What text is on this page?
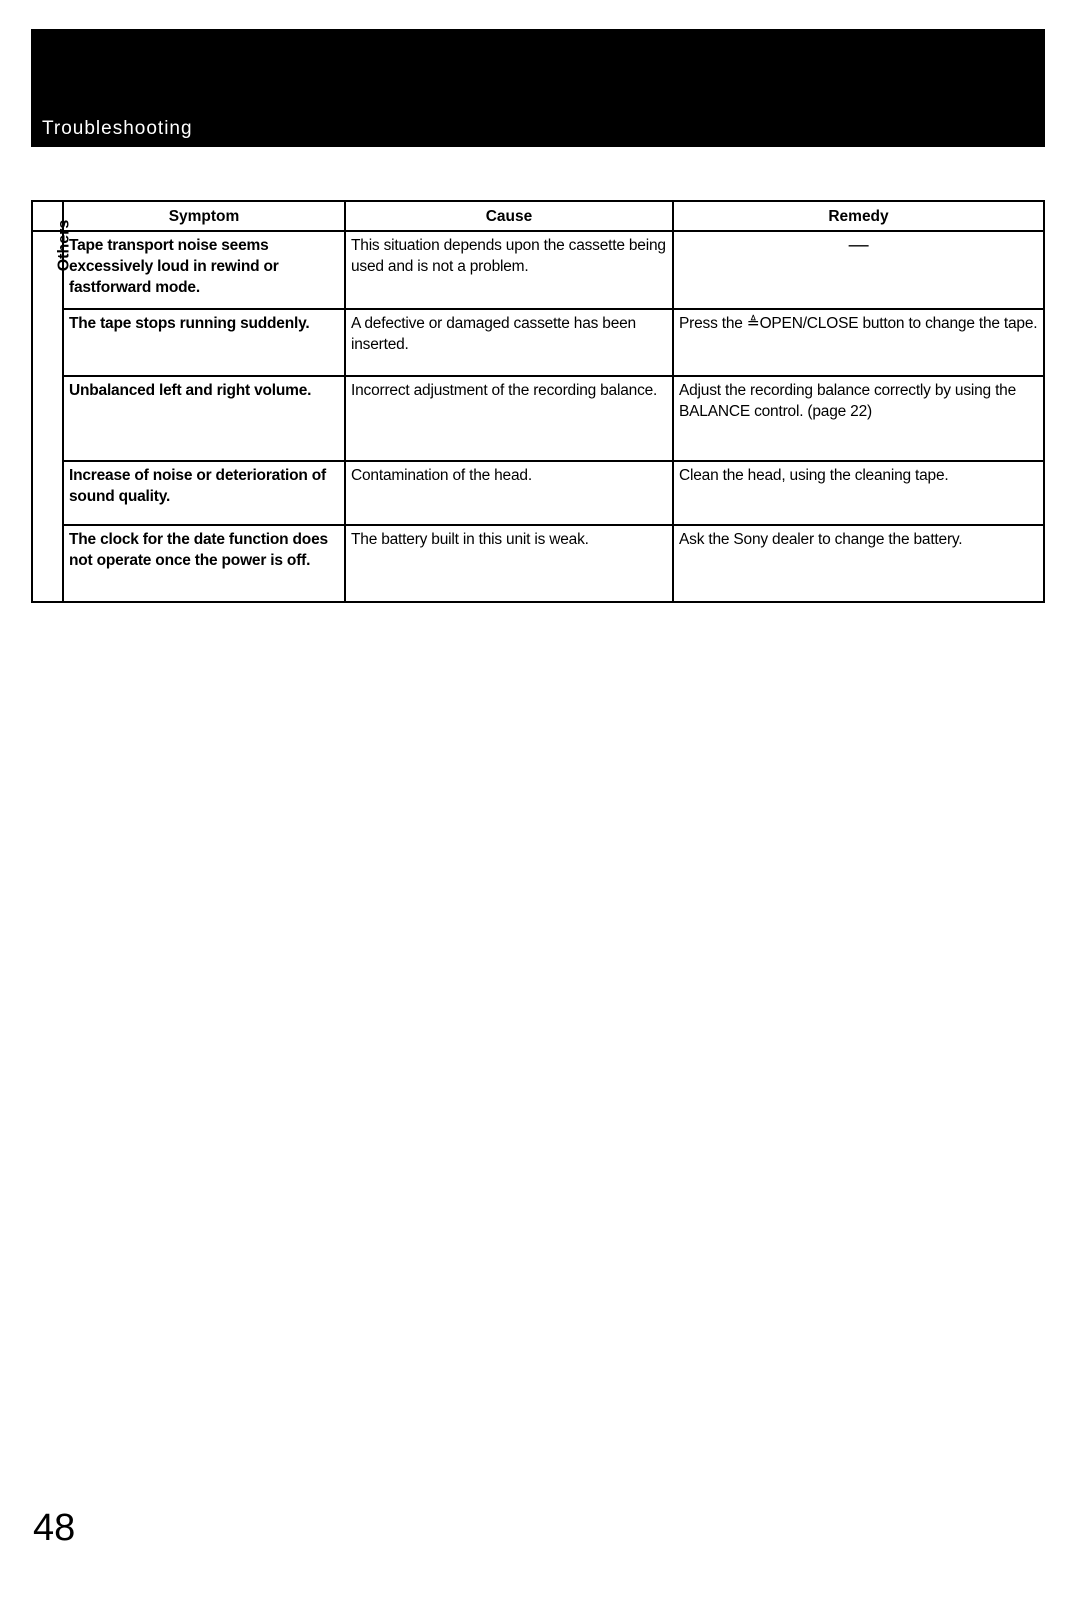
Troubleshooting
	Symptom	Cause	Remedy
Others	Tape transport noise seems excessively loud in rewind or fastforward mode.	This situation depends upon the cassette being used and is not a problem.	—
	The tape stops running suddenly.	A defective or damaged cassette has been inserted.	Press the ≜OPEN/CLOSE button to change the tape.
	Unbalanced left and right volume.	Incorrect adjustment of the recording balance.	Adjust the recording balance correctly by using the BALANCE control. (page 22)
	Increase of noise or deterioration of sound quality.	Contamination of the head.	Clean the head, using the cleaning tape.
	The clock for the date function does not operate once the power is off.	The battery built in this unit is weak.	Ask the Sony dealer to change the battery.
48
